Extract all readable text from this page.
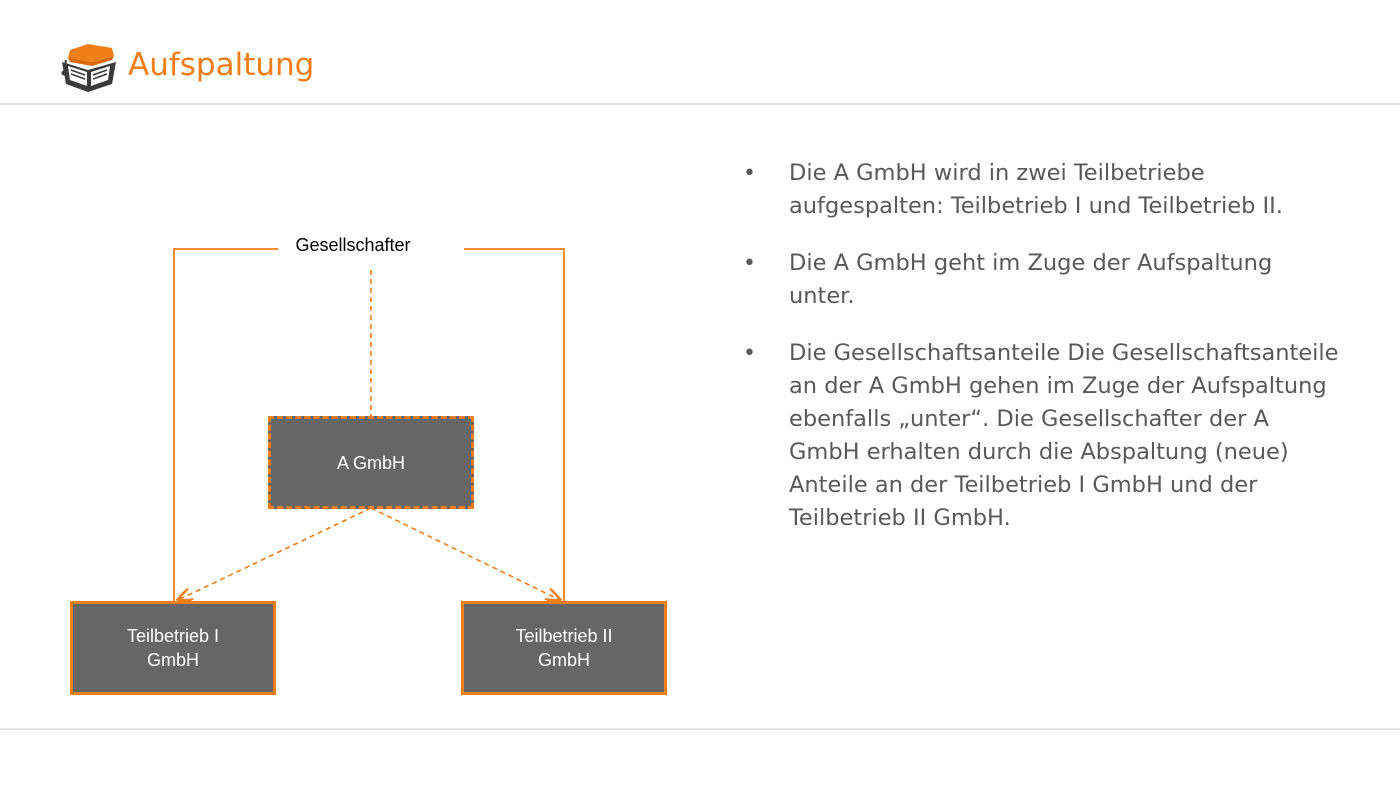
Aufspaltung
Gesellschafter
A GmbH
Teilbetrieb I
GmbH
Teilbetrieb II
GmbH
• Die A GmbH wird in zwei Teilbetriebe aufgespalten: Teilbetrieb I und Teilbetrieb II.
• Die A GmbH geht im Zuge der Aufspaltung unter.
• Die Gesellschaftsanteile Die Gesellschaftsanteile an der A GmbH gehen im Zuge der Aufspaltung ebenfalls „unter“. Die Gesellschafter der A GmbH erhalten durch die Abspaltung (neue) Anteile an der Teilbetrieb I GmbH und der Teilbetrieb II GmbH.
